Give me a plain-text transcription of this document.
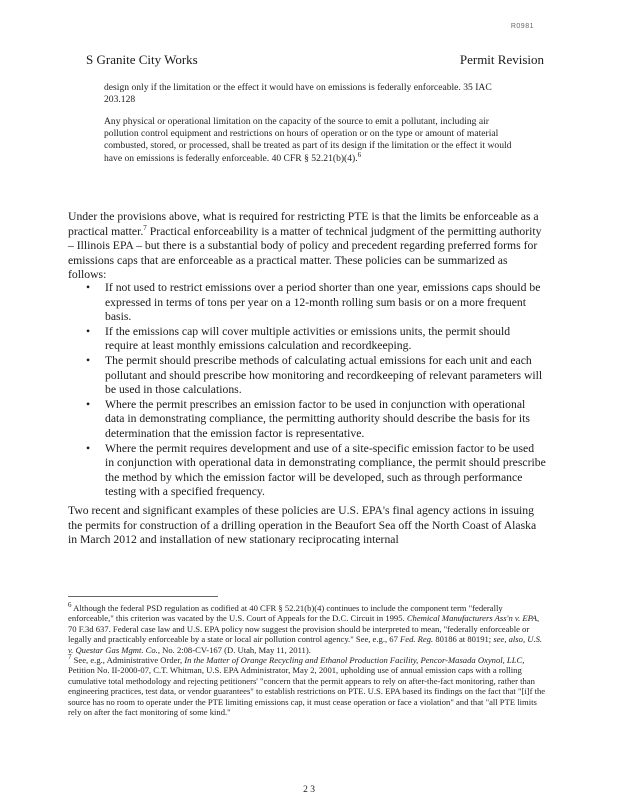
R0981
S Granite City Works	Permit Revision
design only if the limitation or the effect it would have on emissions is federally enforceable. 35 IAC 203.128
Any physical or operational limitation on the capacity of the source to emit a pollutant, including air pollution control equipment and restrictions on hours of operation or on the type or amount of material combusted, stored, or processed, shall be treated as part of its design if the limitation or the effect it would have on emissions is federally enforceable. 40 CFR § 52.21(b)(4).$^6$
Under the provisions above, what is required for restricting PTE is that the limits be enforceable as a practical matter.$^7$ Practical enforceability is a matter of technical judgment of the permitting authority – Illinois EPA – but there is a substantial body of policy and precedent regarding preferred forms for emissions caps that are enforceable as a practical matter. These policies can be summarized as follows:
• If not used to restrict emissions over a period shorter than one year, emissions caps should be expressed in terms of tons per year on a 12-month rolling sum basis or on a more frequent basis.
• If the emissions cap will cover multiple activities or emissions units, the permit should require at least monthly emissions calculation and recordkeeping.
• The permit should prescribe methods of calculating actual emissions for each unit and each pollutant and should prescribe how monitoring and recordkeeping of relevant parameters will be used in those calculations.
• Where the permit prescribes an emission factor to be used in conjunction with operational data in demonstrating compliance, the permitting authority should describe the basis for its determination that the emission factor is representative.
• Where the permit requires development and use of a site-specific emission factor to be used in conjunction with operational data in demonstrating compliance, the permit should prescribe the method by which the emission factor will be developed, such as through performance testing with a specified frequency.
Two recent and significant examples of these policies are U.S. EPA's final agency actions in issuing the permits for construction of a drilling operation in the Beaufort Sea off the North Coast of Alaska in March 2012 and installation of new stationary reciprocating internal

$^6$ Although the federal PSD regulation as codified at 40 CFR § 52.21(b)(4) continues to include the component term "federally enforceable," this criterion was vacated by the U.S. Court of Appeals for the D.C. Circuit in 1995. Chemical Manufacturers Ass'n v. EPA, 70 F.3d 637. Federal case law and U.S. EPA policy now suggest the provision should be interpreted to mean, "federally enforceable or legally and practicably enforceable by a state or local air pollution control agency." See, e.g., 67 Fed. Reg. 80186 at 80191; see, also, U.S. v. Questar Gas Mgmt. Co., No. 2:08-CV-167 (D. Utah, May 11, 2011).

$^7$ See, e.g., Administrative Order, In the Matter of Orange Recycling and Ethanol Production Facility, Pencor-Masada Oxynol, LLC, Petition No. II-2000-07, C.T. Whitman, U.S. EPA Administrator, May 2, 2001, upholding use of annual emission caps with a rolling cumulative total methodology and rejecting petitioners' "concern that the permit appears to rely on after-the-fact monitoring, rather than engineering practices, test data, or vendor guarantees" to establish restrictions on PTE. U.S. EPA based its findings on the fact that "[i]f the source has no room to operate under the PTE limiting emissions cap, it must cease operation or face a violation" and that "all PTE limits rely on after the fact monitoring of some kind."

2 3
